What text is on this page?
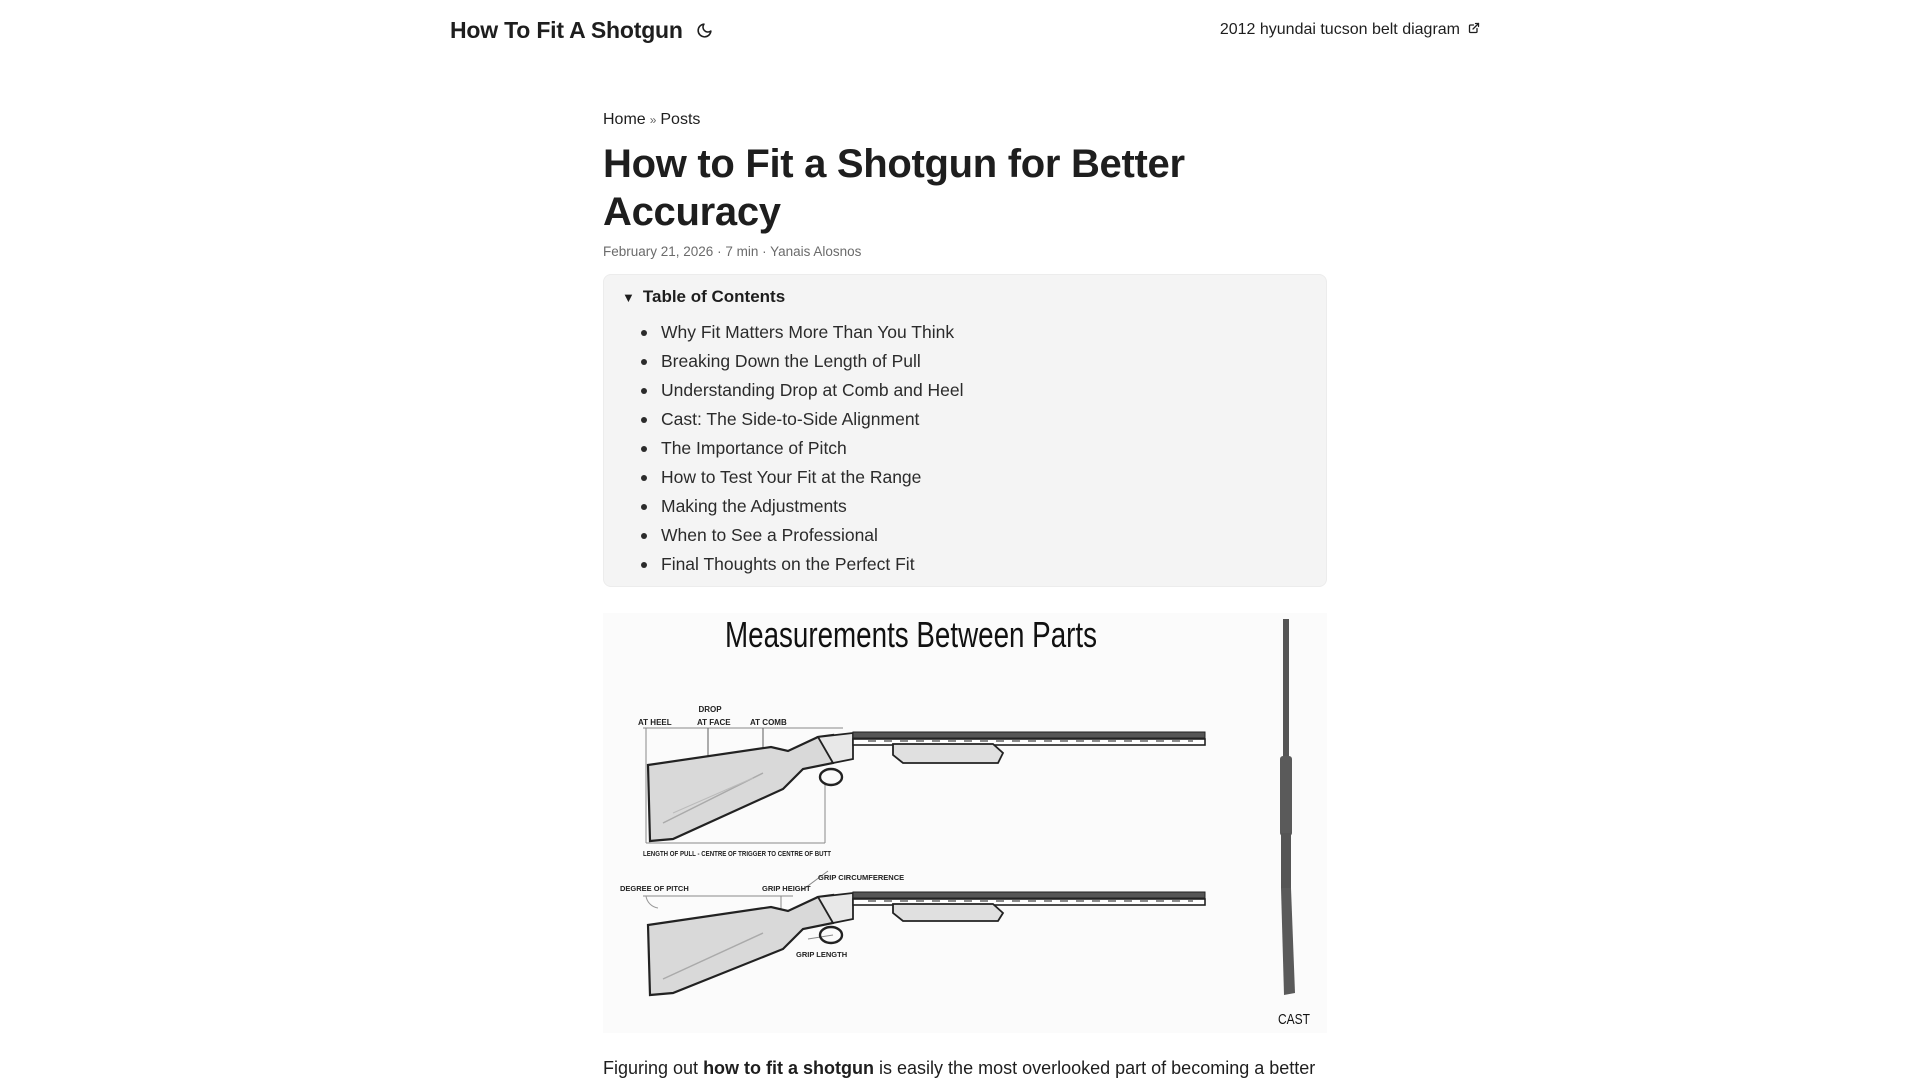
How To Fit A Shotgun	2012 hyundai tucson belt diagram
Home » Posts
How to Fit a Shotgun for Better Accuracy
February 21, 2026 · 7 min · Yanais Alosnos
▼ Table of Contents
Why Fit Matters More Than You Think
Breaking Down the Length of Pull
Understanding Drop at Comb and Heel
Cast: The Side-to-Side Alignment
The Importance of Pitch
How to Test Your Fit at the Range
Making the Adjustments
When to See a Professional
Final Thoughts on the Perfect Fit
Measurements Between Parts
DROP
AT HEEL	AT FACE AT COMB
LENGTH OF PULL - CENTRE OF TRIGGER TO CENTRE OF BUTT
DEGREE OF PITCH	GRIP HEIGHT
GRIP CIRCUMFERENCE
GRIP LENGTH
CAST

Figuring out how to fit a shotgun is easily the most overlooked part of becoming a better
